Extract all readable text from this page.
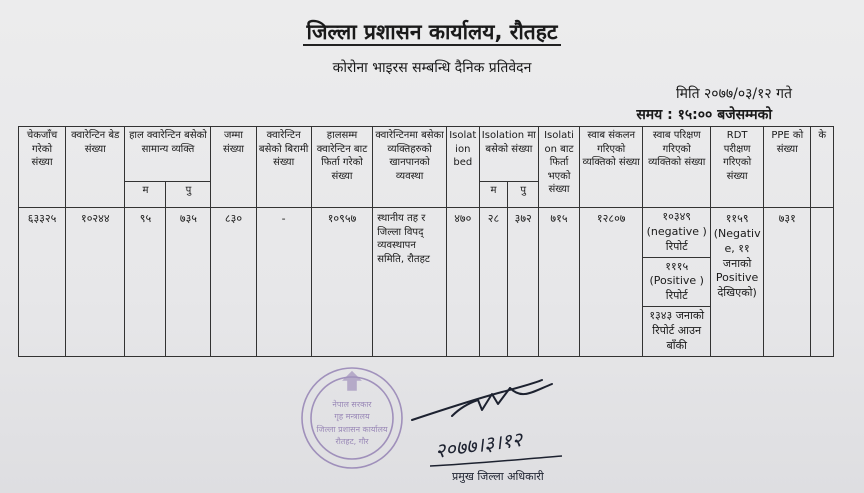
जिल्ला प्रशासन कार्यालय, रौतहट
कोरोना भाइरस सम्बन्धि दैनिक प्रतिवेदन
मिति २०७७/०३/१२ गते
समय : १५:०० बजेसम्मको
चेकजाँच गरेको संख्या	क्वारेन्टिन बेड संख्या	हाल क्वारेन्टिन बसेको सामान्य व्यक्ति		जम्मा संख्या	क्वारेन्टिन बसेको बिरामी संख्या	हालसम्म क्वारेन्टिन बाट फिर्ता गरेको संख्या	क्वारेन्टिनमा बसेका व्यक्तिहरुको खानपानको व्यवस्था	Isolation bed	Isolation मा बसेको संख्या		Isolation बाट फिर्ता भएको संख्या	स्वाब संकलन गरिएको व्यक्तिको संख्या	स्वाब परिक्षण गरिएको व्यक्तिको संख्या	RDT परीक्षण गरिएको संख्या	PPE को संख्या	के
		म	पु						म	पु						
६३३२५	१०२४४	९५	७३५	८३०	-	१०९५७	स्थानीय तह र जिल्ला विपद् व्यवस्थापन समिति, रौतहट	४७०	२८	३७२	७१५	१२८०७	१०३४९ (negative ) रिपोर्ट
१११५ (Positive ) रिपोर्ट
१३४३ जनाको रिपोर्ट आउन बाँकी	११५९ (Negative, ११ जनाको Positive देखिएको)	७३१	
नेपाल सरकार
गृह मन्त्रालय
जिल्ला प्रशासन कार्यालय
रौतहट, गौर	२०७७।३।१२
प्रमुख जिल्ला अधिकारी
